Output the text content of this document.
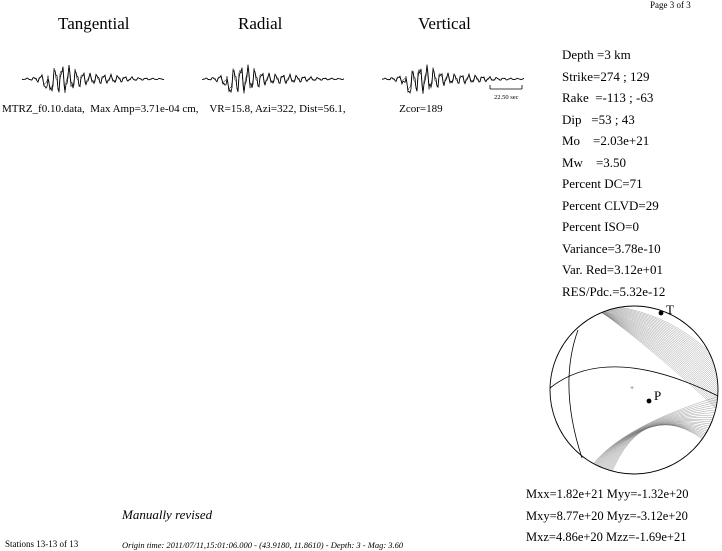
Page 3 of 3
Tangential	Radial	Vertical
22.50 sec
MTRZ_f0.10.data, Max Amp=3.71e-04 cm, VR=15.8, Azi=322, Dist=56.1,	Zcor=189
Depth =3 km
Strike=274 ; 129
Rake  =-113 ; -63
Dip   =53 ; 43
Mo    =2.03e+21
Mw    =3.50
Percent DC=71
Percent CLVD=29
Percent ISO=0
Variance=3.78e-10
Var. Red=3.12e+01
RES/Pdc.=5.32e-12
+
T
P
Mxx=1.82e+21 Myy=-1.32e+20
Mxy=8.77e+20 Myz=-3.12e+20
Mxz=4.86e+20 Mzz=-1.69e+21
Manually revised
Stations 13-13 of 13	Origin time: 2011/07/11,15:01:06.000 - (43.9180, 11.8610) - Depth: 3 - Mag: 3.60
